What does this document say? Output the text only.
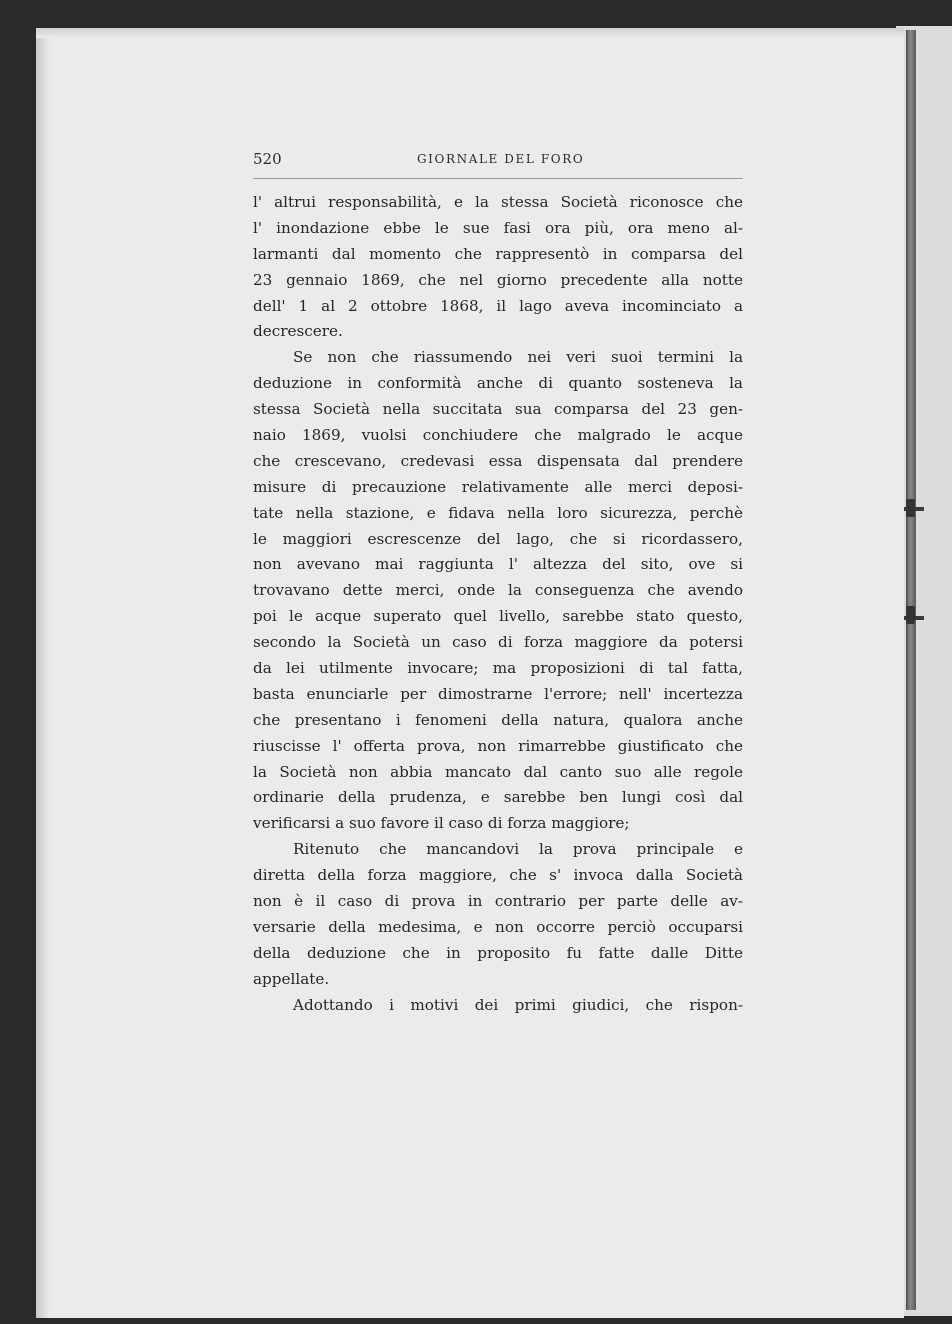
520	GIORNALE DEL FORO
l' altrui responsabilità, e la stessa Società riconosce che
l' inondazione ebbe le sue fasi ora più, ora meno al-
larmanti dal momento che rappresentò in comparsa del
23 gennaio 1869, che nel giorno precedente alla notte
dell' 1 al 2 ottobre 1868, il lago aveva incominciato a
decrescere.
Se non che riassumendo nei veri suoi termini la
deduzione in conformità anche di quanto sosteneva la
stessa Società nella succitata sua comparsa del 23 gen-
naio 1869, vuolsi conchiudere che malgrado le acque
che crescevano, credevasi essa dispensata dal prendere
misure di precauzione relativamente alle merci deposi-
tate nella stazione, e fidava nella loro sicurezza, perchè
le maggiori escrescenze del lago, che si ricordassero,
non avevano mai raggiunta l' altezza del sito, ove si
trovavano dette merci, onde la conseguenza che avendo
poi le acque superato quel livello, sarebbe stato questo,
secondo la Società un caso di forza maggiore da potersi
da lei utilmente invocare; ma proposizioni di tal fatta,
basta enunciarle per dimostrarne l'errore; nell' incertezza
che presentano i fenomeni della natura, qualora anche
riuscisse l' offerta prova, non rimarrebbe giustificato che
la Società non abbia mancato dal canto suo alle regole
ordinarie della prudenza, e sarebbe ben lungi così dal
verificarsi a suo favore il caso di forza maggiore;
Ritenuto che mancandovi la prova principale e
diretta della forza maggiore, che s' invoca dalla Società
non è il caso di prova in contrario per parte delle av-
versarie della medesima, e non occorre perciò occuparsi
della deduzione che in proposito fu fatte dalle Ditte
appellate.
Adottando i motivi dei primi giudici, che rispon-
